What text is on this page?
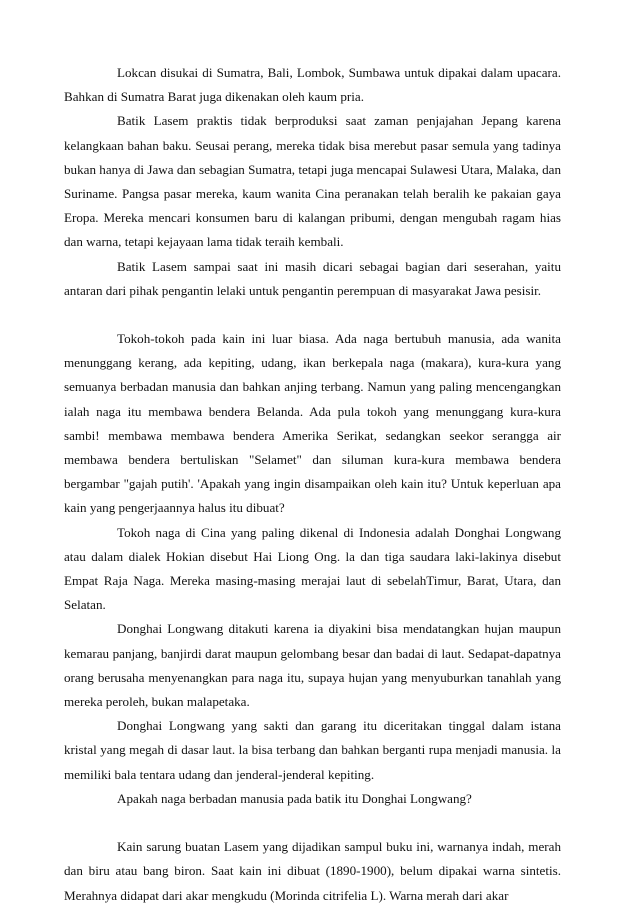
Lokcan disukai di Sumatra, Bali, Lombok, Sumbawa untuk dipakai dalam upacara. Bahkan di Sumatra Barat juga dikenakan oleh kaum pria.

Batik Lasem praktis tidak berproduksi saat zaman penjajahan Jepang karena kelangkaan bahan baku. Seusai perang, mereka tidak bisa merebut pasar semula yang tadinya bukan hanya di Jawa dan sebagian Sumatra, tetapi juga mencapai Sulawesi Utara, Malaka, dan Suriname. Pangsa pasar mereka, kaum wanita Cina peranakan telah beralih ke pakaian gaya Eropa. Mereka mencari konsumen baru di kalangan pribumi, dengan mengubah ragam hias dan warna, tetapi kejayaan lama tidak teraih kembali.

Batik Lasem sampai saat ini masih dicari sebagai bagian dari seserahan, yaitu antaran dari pihak pengantin lelaki untuk pengantin perempuan di masyarakat Jawa pesisir.

Tokoh-tokoh pada kain ini luar biasa. Ada naga bertubuh manusia, ada wanita menunggang kerang, ada kepiting, udang, ikan berkepala naga (makara), kura-kura yang semuanya berbadan manusia dan bahkan anjing terbang. Namun yang paling mencengangkan ialah naga itu membawa bendera Belanda. Ada pula tokoh yang menunggang kura-kura sambi! membawa membawa bendera Amerika Serikat, sedangkan seekor serangga air membawa bendera bertuliskan "Selamet" dan siluman kura-kura membawa bendera bergambar "gajah putih'. 'Apakah yang ingin disampaikan oleh kain itu? Untuk keperluan apa kain yang pengerjaannya halus itu dibuat?

Tokoh naga di Cina yang paling dikenal di Indonesia adalah Donghai Longwang atau dalam dialek Hokian disebut Hai Liong Ong. la dan tiga saudara laki-lakinya disebut Empat Raja Naga. Mereka masing-masing merajai laut di sebelahTimur, Barat, Utara, dan Selatan.

Donghai Longwang ditakuti karena ia diyakini bisa mendatangkan hujan maupun kemarau panjang, banjirdi darat maupun gelombang besar dan badai di laut. Sedapat-dapatnya orang berusaha menyenangkan para naga itu, supaya hujan yang menyuburkan tanahlah yang mereka peroleh, bukan malapetaka.

Donghai Longwang yang sakti dan garang itu diceritakan tinggal dalam istana kristal yang megah di dasar laut. la bisa terbang dan bahkan berganti rupa menjadi manusia. la memiliki bala tentara udang dan jenderal-jenderal kepiting.

Apakah naga berbadan manusia pada batik itu Donghai Longwang?

Kain sarung buatan Lasem yang dijadikan sampul buku ini, warnanya indah, merah dan biru atau bang biron. Saat kain ini dibuat (1890-1900), belum dipakai warna sintetis. Merahnya didapat dari akar mengkudu (Morinda citrifelia L). Warna merah dari akar
